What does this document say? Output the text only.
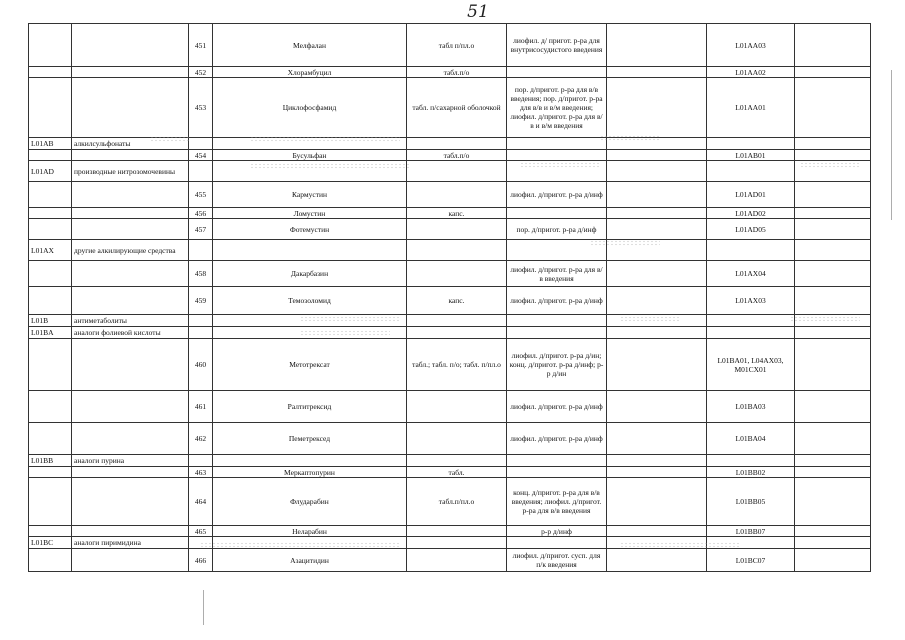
51
		451	Мелфалан	табл п/пл.о	лиофил. д/ пригот. р-ра для внутрисосудистого введения		L01AA03	
		452	Хлорамбуцил	табл.п/о			L01AA02	
		453	Циклофосфамид	табл. п/сахарной оболочкой	пор. д/пригот. р-ра для в/в введения; пор. д/пригот. р-ра для в/в и в/м введения; лиофил. д/пригот. р-ра для в/в и в/м введения		L01AA01	
L01AB	алкилсульфонаты							
		454	Бусульфан	табл.п/о			L01AB01	
L01AD	производные нитрозомочевины							
		455	Кармустин		лиофил. д/пригот. р-ра д/инф		L01AD01	
		456	Ломустин	капс.			L01AD02	
		457	Фотемустин		пор. д/пригот. р-ра д/инф		L01AD05	
L01AX	другие алкилирующие средства							
		458	Дакарбазин		лиофил. д/пригот. р-ра для в/в введения		L01AX04	
		459	Темозоломид	капс.	лиофил. д/пригот. р-ра д/инф		L01AX03	
L01B	антиметаболиты							
L01BA	аналоги фолиевой кислоты							
		460	Метотрексат	табл.; табл. п/о; табл. п/пл.о	лиофил. д/пригот. р-ра д/ин; конц. д/пригот. р-ра д/инф; р-р д/ин		L01BA01, L04AX03, M01CX01	
		461	Ралтитрексид		лиофил. д/пригот. р-ра д/инф		L01BA03	
		462	Пеметрексед		лиофил. д/пригот. р-ра д/инф		L01BA04	
L01BB	аналоги пурина							
		463	Меркаптопурин	табл.			L01BB02	
		464	Флударабин	табл.п/пл.о	конц. д/пригот. р-ра для в/в введения; лиофил. д/пригот. р-ра для в/в введения		L01BB05	
		465	Неларабин		р-р д/инф		L01BB07	
L01BC	аналоги пиримидина							
		466	Азацитидин		лиофил. д/пригот. сусп. для п/к введения		L01BC07	
